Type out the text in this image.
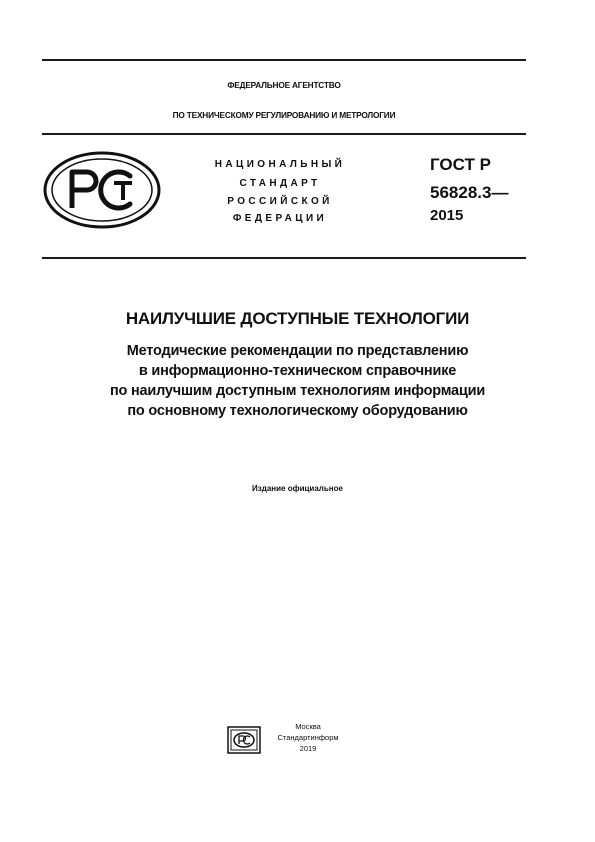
ФЕДЕРАЛЬНОЕ АГЕНТСТВО
ПО ТЕХНИЧЕСКОМУ РЕГУЛИРОВАНИЮ И МЕТРОЛОГИИ
НАЦИОНАЛЬНЫЙ
СТАНДАРТ
РОССИЙСКОЙ
ФЕДЕРАЦИИ
ГОСТ Р
56828.3—
2015
НАИЛУЧШИЕ ДОСТУПНЫЕ ТЕХНОЛОГИИ
Методические рекомендации по представлению
в информационно-техническом справочнике
по наилучшим доступным технологиям информации
по основному технологическому оборудованию
Издание официальное
Москва
Стандартинформ
2019
